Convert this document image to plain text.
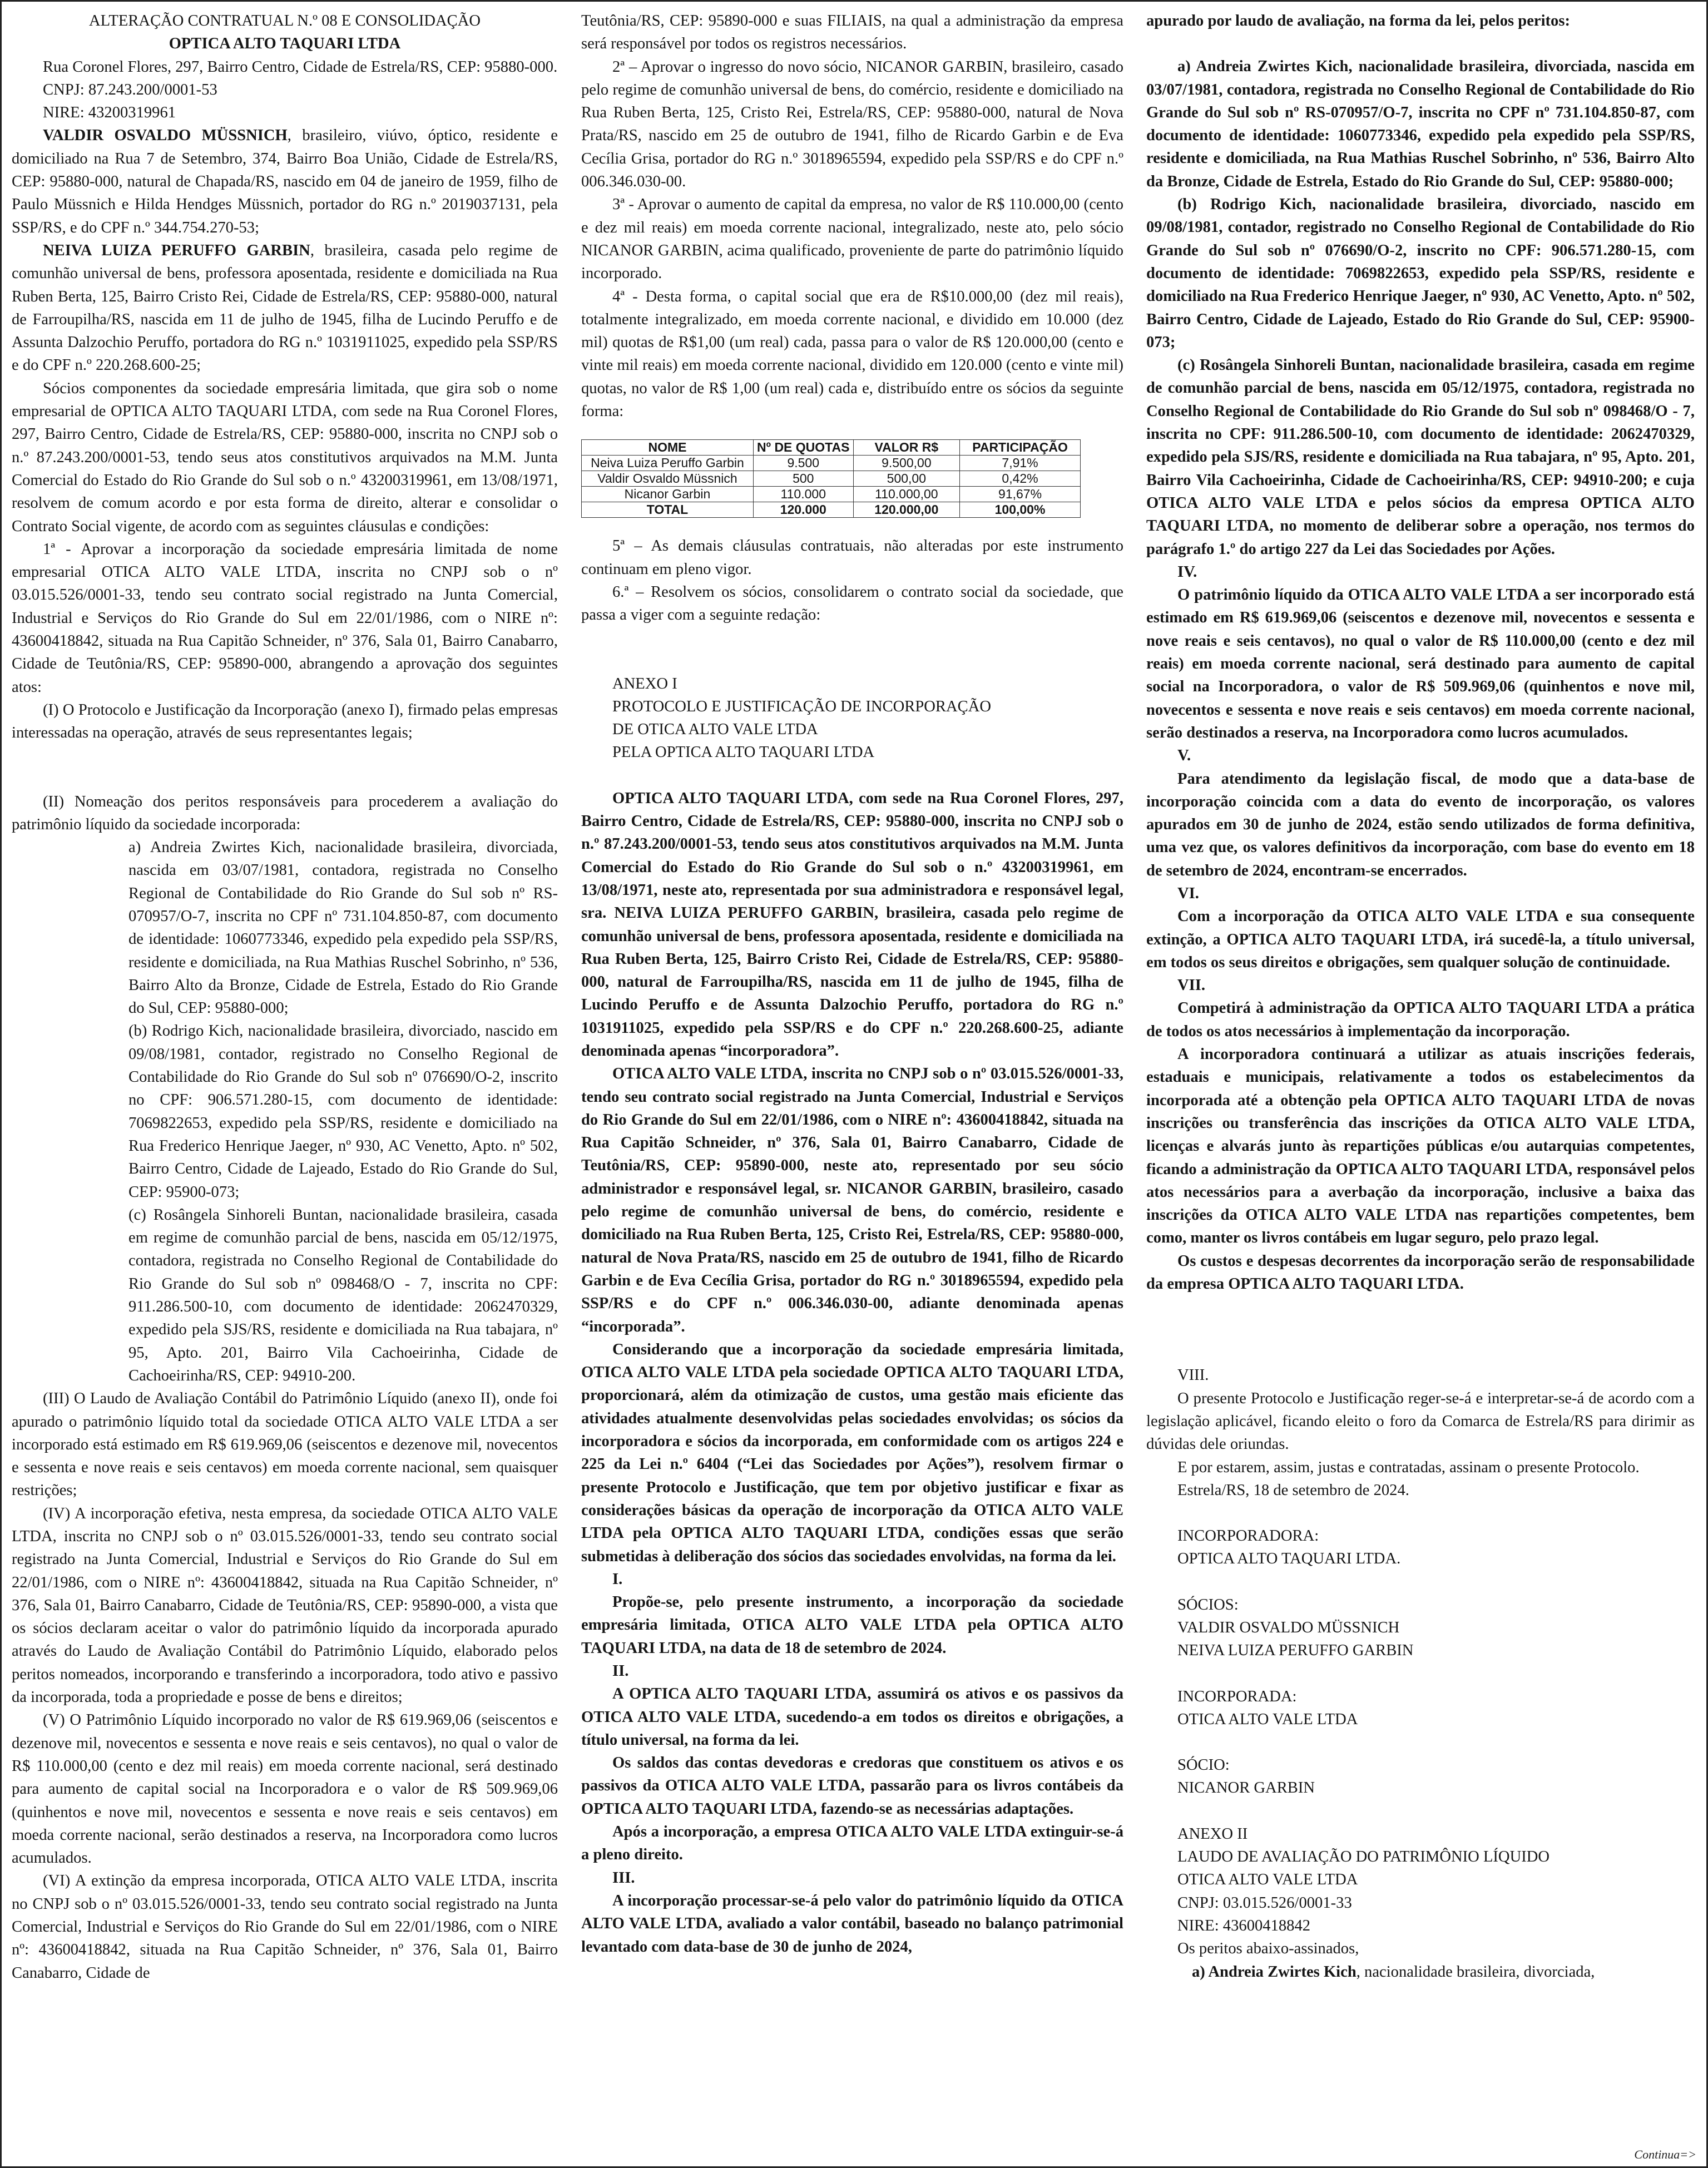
ALTERAÇÃO CONTRATUAL N.º 08 E CONSOLIDAÇÃO

OPTICA ALTO TAQUARI LTDA

Rua Coronel Flores, 297, Bairro Centro, Cidade de Estrela/RS, CEP: 95880-000.

CNPJ: 87.243.200/0001-53

NIRE: 43200319961

VALDIR OSVALDO MÜSSNICH, brasileiro, viúvo, óptico, residente e domiciliado na Rua 7 de Setembro, 374, Bairro Boa União, Cidade de Estrela/RS, CEP: 95880-000, natural de Chapada/RS, nascido em 04 de janeiro de 1959, filho de Paulo Müssnich e Hilda Hendges Müssnich, portador do RG n.º 2019037131, pela SSP/RS, e do CPF n.º 344.754.270-53;

NEIVA LUIZA PERUFFO GARBIN, brasileira, casada pelo regime de comunhão universal de bens, professora aposentada, residente e domiciliada na Rua Ruben Berta, 125, Bairro Cristo Rei, Cidade de Estrela/RS, CEP: 95880-000, natural de Farroupilha/RS, nascida em 11 de julho de 1945, filha de Lucindo Peruffo e de Assunta Dalzochio Peruffo, portadora do RG n.º 1031911025, expedido pela SSP/RS e do CPF n.º 220.268.600-25;

Sócios componentes da sociedade empresária limitada, que gira sob o nome empresarial de OPTICA ALTO TAQUARI LTDA, com sede na Rua Coronel Flores, 297, Bairro Centro, Cidade de Estrela/RS, CEP: 95880-000, inscrita no CNPJ sob o n.º 87.243.200/0001-53, tendo seus atos constitutivos arquivados na M.M. Junta Comercial do Estado do Rio Grande do Sul sob o n.º 43200319961, em 13/08/1971, resolvem de comum acordo e por esta forma de direito, alterar e consolidar o Contrato Social vigente, de acordo com as seguintes cláusulas e condições:

1ª - Aprovar a incorporação da sociedade empresária limitada de nome empresarial OTICA ALTO VALE LTDA, inscrita no CNPJ sob o nº 03.015.526/0001-33, tendo seu contrato social registrado na Junta Comercial, Industrial e Serviços do Rio Grande do Sul em 22/01/1986, com o NIRE nº: 43600418842, situada na Rua Capitão Schneider, nº 376, Sala 01, Bairro Canabarro, Cidade de Teutônia/RS, CEP: 95890-000, abrangendo a aprovação dos seguintes atos:

(I) O Protocolo e Justificação da Incorporação (anexo I), firmado pelas empresas interessadas na operação, através de seus representantes legais;

(II) Nomeação dos peritos responsáveis para procederem a avaliação do patrimônio líquido da sociedade incorporada:

a) Andreia Zwirtes Kich, nacionalidade brasileira, divorciada, nascida em 03/07/1981, contadora, registrada no Conselho Regional de Contabilidade do Rio Grande do Sul sob nº RS-070957/O-7, inscrita no CPF nº 731.104.850-87, com documento de identidade: 1060773346, expedido pela expedido pela SSP/RS, residente e domiciliada, na Rua Mathias Ruschel Sobrinho, nº 536, Bairro Alto da Bronze, Cidade de Estrela, Estado do Rio Grande do Sul, CEP: 95880-000;

(b) Rodrigo Kich, nacionalidade brasileira, divorciado, nascido em 09/08/1981, contador, registrado no Conselho Regional de Contabilidade do Rio Grande do Sul sob nº 076690/O-2, inscrito no CPF: 906.571.280-15, com documento de identidade: 7069822653, expedido pela SSP/RS, residente e domiciliado na Rua Frederico Henrique Jaeger, nº 930, AC Venetto, Apto. nº 502, Bairro Centro, Cidade de Lajeado, Estado do Rio Grande do Sul, CEP: 95900-073;

(c) Rosângela Sinhoreli Buntan, nacionalidade brasileira, casada em regime de comunhão parcial de bens, nascida em 05/12/1975, contadora, registrada no Conselho Regional de Contabilidade do Rio Grande do Sul sob nº 098468/O - 7, inscrita no CPF: 911.286.500-10, com documento de identidade: 2062470329, expedido pela SJS/RS, residente e domiciliada na Rua tabajara, nº 95, Apto. 201, Bairro Vila Cachoeirinha, Cidade de Cachoeirinha/RS, CEP: 94910-200.

(III) O Laudo de Avaliação Contábil do Patrimônio Líquido (anexo II), onde foi apurado o patrimônio líquido total da sociedade OTICA ALTO VALE LTDA a ser incorporado está estimado em R$ 619.969,06 (seiscentos e dezenove mil, novecentos e sessenta e nove reais e seis centavos) em moeda corrente nacional, sem quaisquer restrições;

(IV) A incorporação efetiva, nesta empresa, da sociedade OTICA ALTO VALE LTDA, inscrita no CNPJ sob o nº 03.015.526/0001-33, tendo seu contrato social registrado na Junta Comercial, Industrial e Serviços do Rio Grande do Sul em 22/01/1986, com o NIRE nº: 43600418842, situada na Rua Capitão Schneider, nº 376, Sala 01, Bairro Canabarro, Cidade de Teutônia/RS, CEP: 95890-000, a vista que os sócios declaram aceitar o valor do patrimônio líquido da incorporada apurado através do Laudo de Avaliação Contábil do Patrimônio Líquido, elaborado pelos peritos nomeados, incorporando e transferindo a incorporadora, todo ativo e passivo da incorporada, toda a propriedade e posse de bens e direitos;

(V) O Patrimônio Líquido incorporado no valor de R$ 619.969,06 (seiscentos e dezenove mil, novecentos e sessenta e nove reais e seis centavos), no qual o valor de R$ 110.000,00 (cento e dez mil reais) em moeda corrente nacional, será destinado para aumento de capital social na Incorporadora e o valor de R$ 509.969,06 (quinhentos e nove mil, novecentos e sessenta e nove reais e seis centavos) em moeda corrente nacional, serão destinados a reserva, na Incorporadora como lucros acumulados.

(VI) A extinção da empresa incorporada, OTICA ALTO VALE LTDA, inscrita no CNPJ sob o nº 03.015.526/0001-33, tendo seu contrato social registrado na Junta Comercial, Industrial e Serviços do Rio Grande do Sul em 22/01/1986, com o NIRE nº: 43600418842, situada na Rua Capitão Schneider, nº 376, Sala 01, Bairro Canabarro, Cidade de

Teutônia/RS, CEP: 95890-000 e suas FILIAIS, na qual a administração da empresa será responsável por todos os registros necessários.

2ª – Aprovar o ingresso do novo sócio, NICANOR GARBIN, brasileiro, casado pelo regime de comunhão universal de bens, do comércio, residente e domiciliado na Rua Ruben Berta, 125, Cristo Rei, Estrela/RS, CEP: 95880-000, natural de Nova Prata/RS, nascido em 25 de outubro de 1941, filho de Ricardo Garbin e de Eva Cecília Grisa, portador do RG n.º 3018965594, expedido pela SSP/RS e do CPF n.º 006.346.030-00.

3ª - Aprovar o aumento de capital da empresa, no valor de R$ 110.000,00 (cento e dez mil reais) em moeda corrente nacional, integralizado, neste ato, pelo sócio NICANOR GARBIN, acima qualificado, proveniente de parte do patrimônio líquido incorporado.

4ª - Desta forma, o capital social que era de R$10.000,00 (dez mil reais), totalmente integralizado, em moeda corrente nacional, e dividido em 10.000 (dez mil) quotas de R$1,00 (um real) cada, passa para o valor de R$ 120.000,00 (cento e vinte mil reais) em moeda corrente nacional, dividido em 120.000 (cento e vinte mil) quotas, no valor de R$ 1,00 (um real) cada e, distribuído entre os sócios da seguinte forma:

NOME	Nº DE QUOTAS	VALOR R$	PARTICIPAÇÃO
Neiva Luiza Peruffo Garbin	9.500	9.500,00	7,91%
Valdir Osvaldo Müssnich	500	500,00	0,42%
Nicanor Garbin	110.000	110.000,00	91,67%
TOTAL	120.000	120.000,00	100,00%

5ª – As demais cláusulas contratuais, não alteradas por este instrumento continuam em pleno vigor.

6.ª – Resolvem os sócios, consolidarem o contrato social da sociedade, que passa a viger com a seguinte redação:

ANEXO I

PROTOCOLO E JUSTIFICAÇÃO DE INCORPORAÇÃO

DE OTICA ALTO VALE LTDA

PELA OPTICA ALTO TAQUARI LTDA

OPTICA ALTO TAQUARI LTDA, com sede na Rua Coronel Flores, 297, Bairro Centro, Cidade de Estrela/RS, CEP: 95880-000, inscrita no CNPJ sob o n.º 87.243.200/0001-53, tendo seus atos constitutivos arquivados na M.M. Junta Comercial do Estado do Rio Grande do Sul sob o n.º 43200319961, em 13/08/1971, neste ato, representada por sua administradora e responsável legal, sra. NEIVA LUIZA PERUFFO GARBIN, brasileira, casada pelo regime de comunhão universal de bens, professora aposentada, residente e domiciliada na Rua Ruben Berta, 125, Bairro Cristo Rei, Cidade de Estrela/RS, CEP: 95880-000, natural de Farroupilha/RS, nascida em 11 de julho de 1945, filha de Lucindo Peruffo e de Assunta Dalzochio Peruffo, portadora do RG n.º 1031911025, expedido pela SSP/RS e do CPF n.º 220.268.600-25, adiante denominada apenas “incorporadora”.

OTICA ALTO VALE LTDA, inscrita no CNPJ sob o nº 03.015.526/0001-33, tendo seu contrato social registrado na Junta Comercial, Industrial e Serviços do Rio Grande do Sul em 22/01/1986, com o NIRE nº: 43600418842, situada na Rua Capitão Schneider, nº 376, Sala 01, Bairro Canabarro, Cidade de Teutônia/RS, CEP: 95890-000, neste ato, representado por seu sócio administrador e responsável legal, sr. NICANOR GARBIN, brasileiro, casado pelo regime de comunhão universal de bens, do comércio, residente e domiciliado na Rua Ruben Berta, 125, Cristo Rei, Estrela/RS, CEP: 95880-000, natural de Nova Prata/RS, nascido em 25 de outubro de 1941, filho de Ricardo Garbin e de Eva Cecília Grisa, portador do RG n.º 3018965594, expedido pela SSP/RS e do CPF n.º 006.346.030-00, adiante denominada apenas “incorporada”.

Considerando que a incorporação da sociedade empresária limitada, OTICA ALTO VALE LTDA pela sociedade OPTICA ALTO TAQUARI LTDA, proporcionará, além da otimização de custos, uma gestão mais eficiente das atividades atualmente desenvolvidas pelas sociedades envolvidas; os sócios da incorporadora e sócios da incorporada, em conformidade com os artigos 224 e 225 da Lei n.º 6404 (“Lei das Sociedades por Ações”), resolvem firmar o presente Protocolo e Justificação, que tem por objetivo justificar e fixar as considerações básicas da operação de incorporação da OTICA ALTO VALE LTDA pela OPTICA ALTO TAQUARI LTDA, condições essas que serão submetidas à deliberação dos sócios das sociedades envolvidas, na forma da lei.

I.

Propõe-se, pelo presente instrumento, a incorporação da sociedade empresária limitada, OTICA ALTO VALE LTDA pela OPTICA ALTO TAQUARI LTDA, na data de 18 de setembro de 2024.

II.

A OPTICA ALTO TAQUARI LTDA, assumirá os ativos e os passivos da OTICA ALTO VALE LTDA, sucedendo-a em todos os direitos e obrigações, a título universal, na forma da lei.

Os saldos das contas devedoras e credoras que constituem os ativos e os passivos da OTICA ALTO VALE LTDA, passarão para os livros contábeis da OPTICA ALTO TAQUARI LTDA, fazendo-se as necessárias adaptações.

Após a incorporação, a empresa OTICA ALTO VALE LTDA extinguir-se-á a pleno direito.

III.

A incorporação processar-se-á pelo valor do patrimônio líquido da OTICA ALTO VALE LTDA, avaliado a valor contábil, baseado no balanço patrimonial levantado com data-base de 30 de junho de 2024,

apurado por laudo de avaliação, na forma da lei, pelos peritos:

a) Andreia Zwirtes Kich, nacionalidade brasileira, divorciada, nascida em 03/07/1981, contadora, registrada no Conselho Regional de Contabilidade do Rio Grande do Sul sob nº RS-070957/O-7, inscrita no CPF nº 731.104.850-87, com documento de identidade: 1060773346, expedido pela expedido pela SSP/RS, residente e domiciliada, na Rua Mathias Ruschel Sobrinho, nº 536, Bairro Alto da Bronze, Cidade de Estrela, Estado do Rio Grande do Sul, CEP: 95880-000;

(b) Rodrigo Kich, nacionalidade brasileira, divorciado, nascido em 09/08/1981, contador, registrado no Conselho Regional de Contabilidade do Rio Grande do Sul sob nº 076690/O-2, inscrito no CPF: 906.571.280-15, com documento de identidade: 7069822653, expedido pela SSP/RS, residente e domiciliado na Rua Frederico Henrique Jaeger, nº 930, AC Venetto, Apto. nº 502, Bairro Centro, Cidade de Lajeado, Estado do Rio Grande do Sul, CEP: 95900-073;

(c) Rosângela Sinhoreli Buntan, nacionalidade brasileira, casada em regime de comunhão parcial de bens, nascida em 05/12/1975, contadora, registrada no Conselho Regional de Contabilidade do Rio Grande do Sul sob nº 098468/O - 7, inscrita no CPF: 911.286.500-10, com documento de identidade: 2062470329, expedido pela SJS/RS, residente e domiciliada na Rua tabajara, nº 95, Apto. 201, Bairro Vila Cachoeirinha, Cidade de Cachoeirinha/RS, CEP: 94910-200; e cuja OTICA ALTO VALE LTDA e pelos sócios da empresa OPTICA ALTO TAQUARI LTDA, no momento de deliberar sobre a operação, nos termos do parágrafo 1.º do artigo 227 da Lei das Sociedades por Ações.

IV.

O patrimônio líquido da OTICA ALTO VALE LTDA a ser incorporado está estimado em R$ 619.969,06 (seiscentos e dezenove mil, novecentos e sessenta e nove reais e seis centavos), no qual o valor de R$ 110.000,00 (cento e dez mil reais) em moeda corrente nacional, será destinado para aumento de capital social na Incorporadora, o valor de R$ 509.969,06 (quinhentos e nove mil, novecentos e sessenta e nove reais e seis centavos) em moeda corrente nacional, serão destinados a reserva, na Incorporadora como lucros acumulados.

V.

Para atendimento da legislação fiscal, de modo que a data-base de incorporação coincida com a data do evento de incorporação, os valores apurados em 30 de junho de 2024, estão sendo utilizados de forma definitiva, uma vez que, os valores definitivos da incorporação, com base do evento em 18 de setembro de 2024, encontram-se encerrados.

VI.

Com a incorporação da OTICA ALTO VALE LTDA e sua consequente extinção, a OPTICA ALTO TAQUARI LTDA, irá sucedê-la, a título universal, em todos os seus direitos e obrigações, sem qualquer solução de continuidade.

VII.

Competirá à administração da OPTICA ALTO TAQUARI LTDA a prática de todos os atos necessários à implementação da incorporação.

A incorporadora continuará a utilizar as atuais inscrições federais, estaduais e municipais, relativamente a todos os estabelecimentos da incorporada até a obtenção pela OPTICA ALTO TAQUARI LTDA de novas inscrições ou transferência das inscrições da OTICA ALTO VALE LTDA, licenças e alvarás junto às repartições públicas e/ou autarquias competentes, ficando a administração da OPTICA ALTO TAQUARI LTDA, responsável pelos atos necessários para a averbação da incorporação, inclusive a baixa das inscrições da OTICA ALTO VALE LTDA nas repartições competentes, bem como, manter os livros contábeis em lugar seguro, pelo prazo legal.

Os custos e despesas decorrentes da incorporação serão de responsabilidade da empresa OPTICA ALTO TAQUARI LTDA.

VIII.

O presente Protocolo e Justificação reger-se-á e interpretar-se-á de acordo com a legislação aplicável, ficando eleito o foro da Comarca de Estrela/RS para dirimir as dúvidas dele oriundas.

E por estarem, assim, justas e contratadas, assinam o presente Protocolo.

Estrela/RS, 18 de setembro de 2024.

INCORPORADORA:

OPTICA ALTO TAQUARI LTDA.

SÓCIOS:

VALDIR OSVALDO MÜSSNICH

NEIVA LUIZA PERUFFO GARBIN

INCORPORADA:

OTICA ALTO VALE LTDA

SÓCIO:

NICANOR GARBIN

ANEXO II

LAUDO DE AVALIAÇÃO DO PATRIMÔNIO LÍQUIDO

OTICA ALTO VALE LTDA

CNPJ: 03.015.526/0001-33

NIRE: 43600418842

Os peritos abaixo-assinados,

a) Andreia Zwirtes Kich, nacionalidade brasileira, divorciada,

Continua=>
